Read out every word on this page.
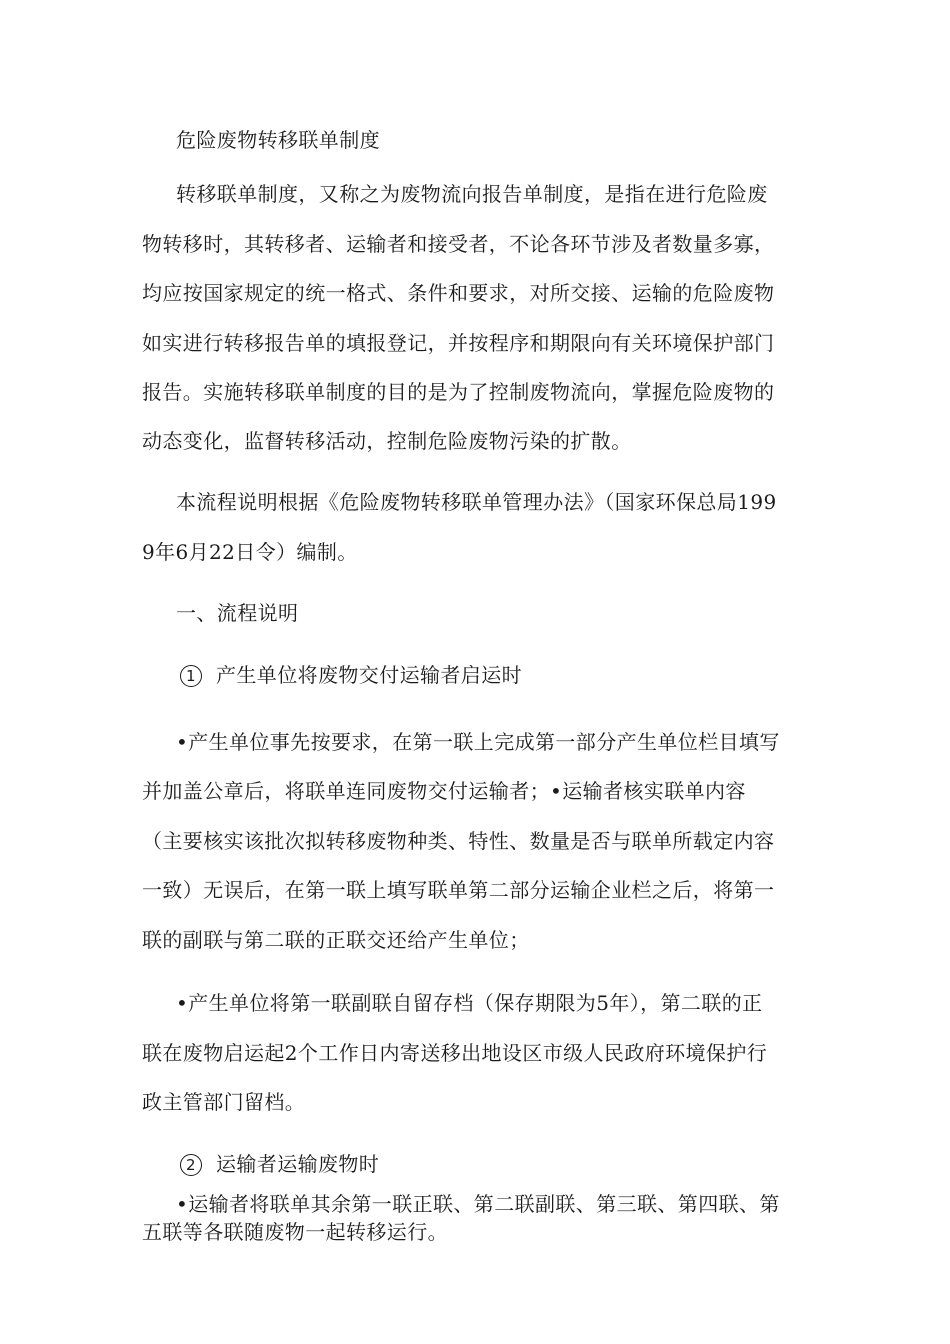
危险废物转移联单制度
转移联单制度，又称之为废物流向报告单制度，是指在进行危险废
物转移时，其转移者、运输者和接受者，不论各环节涉及者数量多寡，
均应按国家规定的统一格式、条件和要求，对所交接、运输的危险废物
如实进行转移报告单的填报登记，并按程序和期限向有关环境保护部门
报告。实施转移联单制度的目的是为了控制废物流向，掌握危险废物的
动态变化，监督转移活动，控制危险废物污染的扩散。
本流程说明根据《危险废物转移联单管理办法》（国家环保总局199
9年6月22日令）编制。
一、流程说明
1 产生单位将废物交付运输者启运时
•产生单位事先按要求，在第一联上完成第一部分产生单位栏目填写
并加盖公章后，将联单连同废物交付运输者；•运输者核实联单内容
（主要核实该批次拟转移废物种类、特性、数量是否与联单所载定内容
一致）无误后，在第一联上填写联单第二部分运输企业栏之后，将第一
联的副联与第二联的正联交还给产生单位；
•产生单位将第一联副联自留存档（保存期限为5年），第二联的正
联在废物启运起2个工作日内寄送移出地设区市级人民政府环境保护行
政主管部门留档。
2 运输者运输废物时
•运输者将联单其余第一联正联、第二联副联、第三联、第四联、第
五联等各联随废物一起转移运行。
